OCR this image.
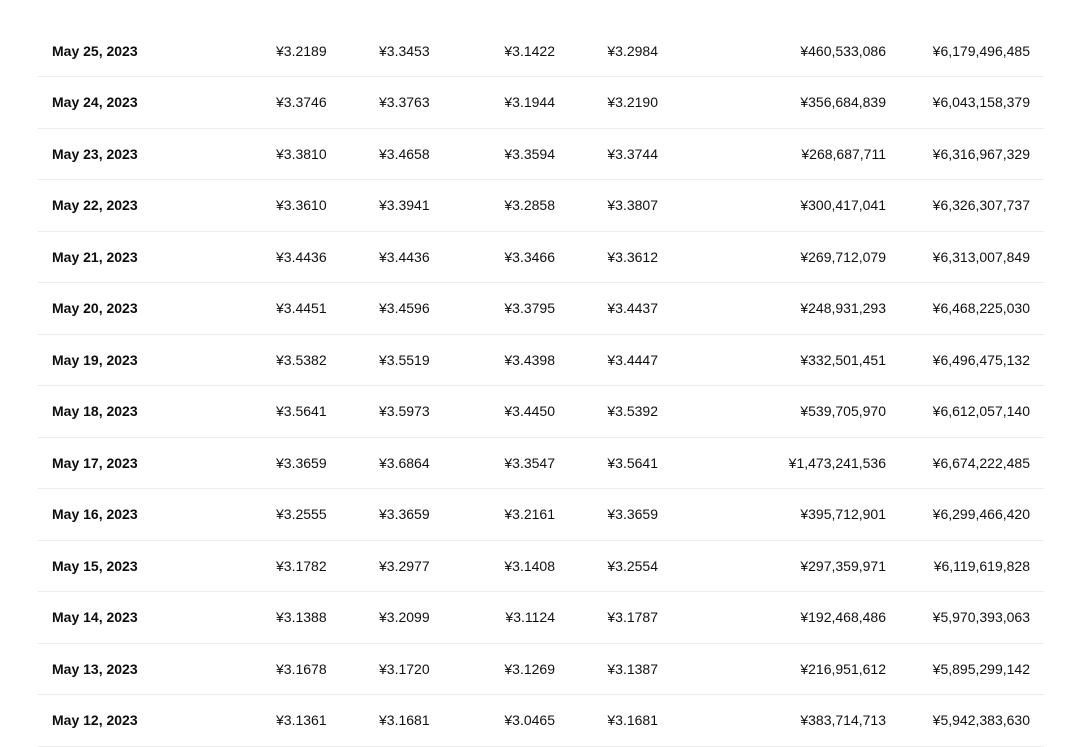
May 25, 2023	¥3.2189	¥3.3453	¥3.1422	¥3.2984	¥460,533,086	¥6,179,496,485
May 24, 2023	¥3.3746	¥3.3763	¥3.1944	¥3.2190	¥356,684,839	¥6,043,158,379
May 23, 2023	¥3.3810	¥3.4658	¥3.3594	¥3.3744	¥268,687,711	¥6,316,967,329
May 22, 2023	¥3.3610	¥3.3941	¥3.2858	¥3.3807	¥300,417,041	¥6,326,307,737
May 21, 2023	¥3.4436	¥3.4436	¥3.3466	¥3.3612	¥269,712,079	¥6,313,007,849
May 20, 2023	¥3.4451	¥3.4596	¥3.3795	¥3.4437	¥248,931,293	¥6,468,225,030
May 19, 2023	¥3.5382	¥3.5519	¥3.4398	¥3.4447	¥332,501,451	¥6,496,475,132
May 18, 2023	¥3.5641	¥3.5973	¥3.4450	¥3.5392	¥539,705,970	¥6,612,057,140
May 17, 2023	¥3.3659	¥3.6864	¥3.3547	¥3.5641	¥1,473,241,536	¥6,674,222,485
May 16, 2023	¥3.2555	¥3.3659	¥3.2161	¥3.3659	¥395,712,901	¥6,299,466,420
May 15, 2023	¥3.1782	¥3.2977	¥3.1408	¥3.2554	¥297,359,971	¥6,119,619,828
May 14, 2023	¥3.1388	¥3.2099	¥3.1124	¥3.1787	¥192,468,486	¥5,970,393,063
May 13, 2023	¥3.1678	¥3.1720	¥3.1269	¥3.1387	¥216,951,612	¥5,895,299,142
May 12, 2023	¥3.1361	¥3.1681	¥3.0465	¥3.1681	¥383,714,713	¥5,942,383,630
